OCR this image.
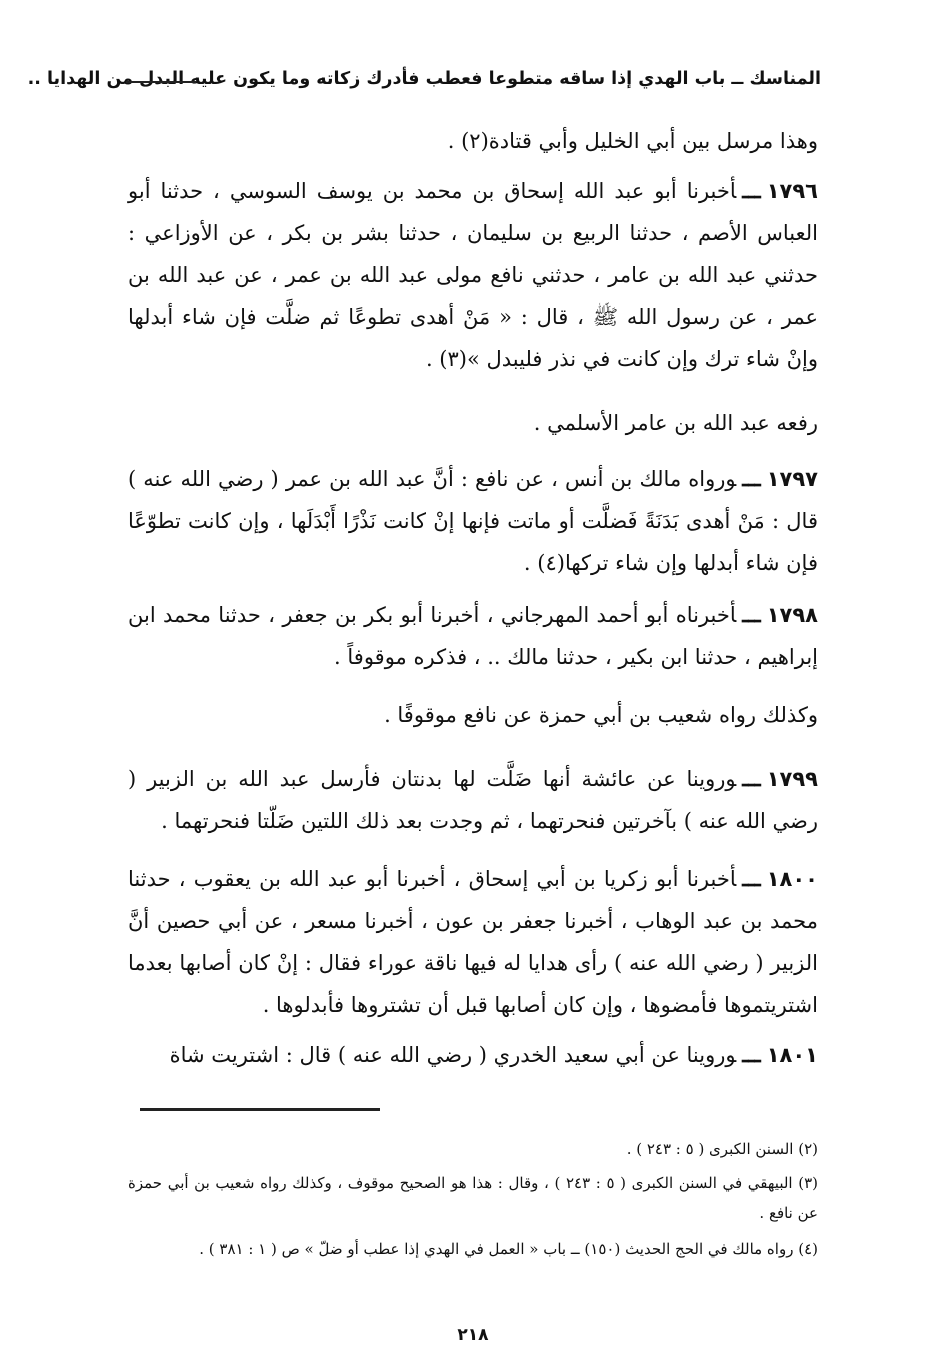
المناسك ــ باب الهدي إذا ساقه متطوعا فعطب فأدرك زكاته وما يكون عليه البدل من الهدايا ..
وهذا مرسل بين أبي الخليل وأبي قتادة(٢) .
١٧٩٦ـــأخبرنا أبو عبد الله إسحاق بن محمد بن يوسف السوسي ، حدثنا أبو العباس الأصم ، حدثنا الربيع بن سليمان ، حدثنا بشر بن بكر ، عن الأوزاعي : حدثني عبد الله بن عامر ، حدثني نافع مولى عبد الله بن عمر ، عن عبد الله بن عمر ، عن رسول الله ﷺ ، قال : « مَنْ أهدى تطوعًا ثم ضلَّت فإن شاء أبدلها وإنْ شاء ترك وإن كانت في نذر فليبدل »(٣) .
رفعه عبد الله بن عامر الأسلمي .
١٧٩٧ـــورواه مالك بن أنس ، عن نافع : أنَّ عبد الله بن عمر ( رضي الله عنه ) قال : مَنْ أهدى بَدَنَةً فَضلَّت أو ماتت فإنها إنْ كانت نَذْرًا أَبْدَلَها ، وإن كانت تطوّعًا فإن شاء أبدلها وإن شاء تركها(٤) .
١٧٩٨ـــأخبرناه أبو أحمد المهرجاني ، أخبرنا أبو بكر بن جعفر ، حدثنا محمد ابن إبراهيم ، حدثنا ابن بكير ، حدثنا مالك .. ، فذكره موقوفاً .
وكذلك رواه شعيب بن أبي حمزة عن نافع موقوفًا .
١٧٩٩ـــوروينا عن عائشة أنها ضَلَّت لها بدنتان فأرسل عبد الله بن الزبير ( رضي الله عنه ) بآخرتين فنحرتهما ، ثم وجدت بعد ذلك اللتين ضَلّتا فنحرتهما .
١٨٠٠ـــأخبرنا أبو زكريا بن أبي إسحاق ، أخبرنا أبو عبد الله بن يعقوب ، حدثنا محمد بن عبد الوهاب ، أخبرنا جعفر بن عون ، أخبرنا مسعر ، عن أبي حصين أنَّ الزبير ( رضي الله عنه ) رأى هدايا له فيها ناقة عوراء فقال : إنْ كان أصابها بعدما اشتريتموها فأمضوها ، وإن كان أصابها قبل أن تشتروها فأبدلوها .
١٨٠١ـــوروينا عن أبي سعيد الخدري ( رضي الله عنه ) قال : اشتريت شاة
(٢) السنن الكبرى ( ٥ : ٢٤٣ ) .
(٣) البيهقي في السنن الكبرى ( ٥ : ٢٤٣ ) ، وقال : هذا هو الصحيح موقوف ، وكذلك رواه شعيب بن أبي حمزة عن نافع .
(٤) رواه مالك في الحج الحديث (١٥٠) ــ باب « العمل في الهدي إذا عطب أو ضلّ » ص ( ١ : ٣٨١ ) .
٢١٨
